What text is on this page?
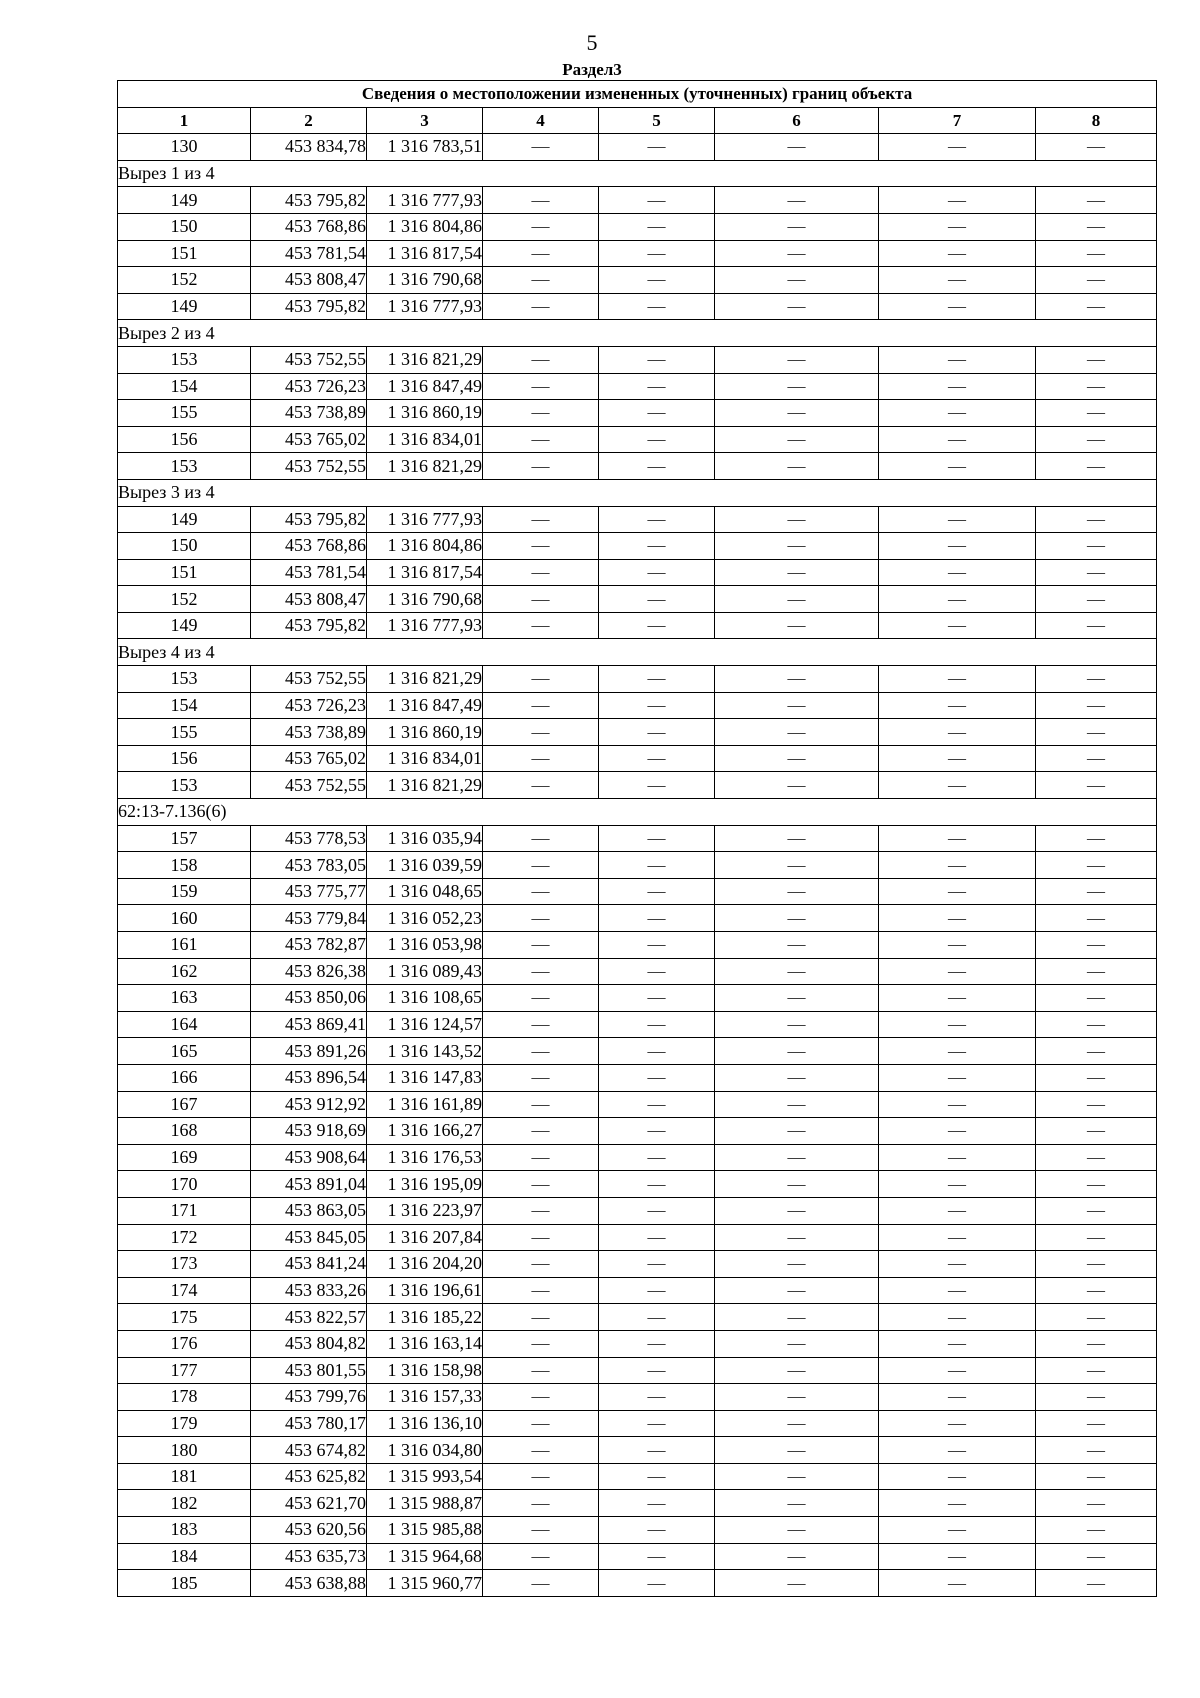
5
Раздел3
Сведения о местоположении измененных (уточненных) границ объекта							
1	2	3	4	5	6	7	8
130	453 834,78	1 316 783,51	—	—	—	—	—
Вырез 1 из 4							
149	453 795,82	1 316 777,93	—	—	—	—	—
150	453 768,86	1 316 804,86	—	—	—	—	—
151	453 781,54	1 316 817,54	—	—	—	—	—
152	453 808,47	1 316 790,68	—	—	—	—	—
149	453 795,82	1 316 777,93	—	—	—	—	—
Вырез 2 из 4							
153	453 752,55	1 316 821,29	—	—	—	—	—
154	453 726,23	1 316 847,49	—	—	—	—	—
155	453 738,89	1 316 860,19	—	—	—	—	—
156	453 765,02	1 316 834,01	—	—	—	—	—
153	453 752,55	1 316 821,29	—	—	—	—	—
Вырез 3 из 4							
149	453 795,82	1 316 777,93	—	—	—	—	—
150	453 768,86	1 316 804,86	—	—	—	—	—
151	453 781,54	1 316 817,54	—	—	—	—	—
152	453 808,47	1 316 790,68	—	—	—	—	—
149	453 795,82	1 316 777,93	—	—	—	—	—
Вырез 4 из 4							
153	453 752,55	1 316 821,29	—	—	—	—	—
154	453 726,23	1 316 847,49	—	—	—	—	—
155	453 738,89	1 316 860,19	—	—	—	—	—
156	453 765,02	1 316 834,01	—	—	—	—	—
153	453 752,55	1 316 821,29	—	—	—	—	—
62:13-7.136(6)							
157	453 778,53	1 316 035,94	—	—	—	—	—
158	453 783,05	1 316 039,59	—	—	—	—	—
159	453 775,77	1 316 048,65	—	—	—	—	—
160	453 779,84	1 316 052,23	—	—	—	—	—
161	453 782,87	1 316 053,98	—	—	—	—	—
162	453 826,38	1 316 089,43	—	—	—	—	—
163	453 850,06	1 316 108,65	—	—	—	—	—
164	453 869,41	1 316 124,57	—	—	—	—	—
165	453 891,26	1 316 143,52	—	—	—	—	—
166	453 896,54	1 316 147,83	—	—	—	—	—
167	453 912,92	1 316 161,89	—	—	—	—	—
168	453 918,69	1 316 166,27	—	—	—	—	—
169	453 908,64	1 316 176,53	—	—	—	—	—
170	453 891,04	1 316 195,09	—	—	—	—	—
171	453 863,05	1 316 223,97	—	—	—	—	—
172	453 845,05	1 316 207,84	—	—	—	—	—
173	453 841,24	1 316 204,20	—	—	—	—	—
174	453 833,26	1 316 196,61	—	—	—	—	—
175	453 822,57	1 316 185,22	—	—	—	—	—
176	453 804,82	1 316 163,14	—	—	—	—	—
177	453 801,55	1 316 158,98	—	—	—	—	—
178	453 799,76	1 316 157,33	—	—	—	—	—
179	453 780,17	1 316 136,10	—	—	—	—	—
180	453 674,82	1 316 034,80	—	—	—	—	—
181	453 625,82	1 315 993,54	—	—	—	—	—
182	453 621,70	1 315 988,87	—	—	—	—	—
183	453 620,56	1 315 985,88	—	—	—	—	—
184	453 635,73	1 315 964,68	—	—	—	—	—
185	453 638,88	1 315 960,77	—	—	—	—	—
